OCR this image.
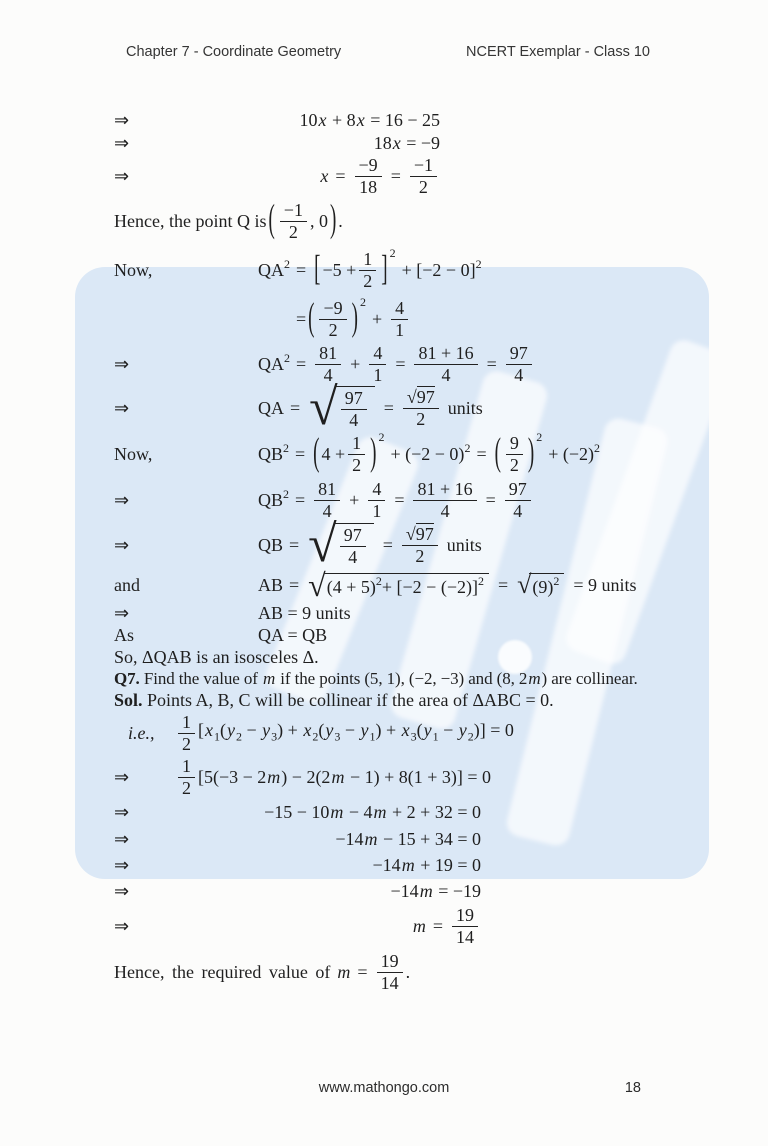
Chapter 7 - Coordinate Geometry	NCERT Exemplar - Class 10
⇒	10x + 8x = 16 − 25
⇒	18x = −9
⇒	$x = \frac{-9}{18} = \frac{-1}{2}$
Hence, the point Q is ( $\frac{-1}{2}$ , 0 ) .
Now,	QA 2 = [ $-5 + \frac{1}{2}$ ] 2
+ [−2 − 0] 2
= ( $\frac{-9}{2}$ ) 2
+ $\frac{4}{1}$
⇒	QA $2 = \frac{81}{4} + \frac{4}{1} = \frac{81 + 16}{4} = \frac{97}{4}$
⇒	QA = √ $\frac{97}{4} = \frac{√97}{2}$ units
Now,	QB 2 = ( $4 + \frac{1}{2}$ ) 2
+ (−2 − 0) 2 = ( $\frac{9}{2}$ ) 2
+ (−2) 2
⇒	QB $2 = \frac{81}{4} + \frac{4}{1} = \frac{81 + 16}{4} = \frac{97}{4}$
⇒	QB = √ $\frac{97}{4} = \frac{√97}{2}$ units
and	AB = √ (4 + 5) 2 + [−2 − (−2)] 2 = √ (9) 2 = 9 units
⇒	AB = 9 units
As	QA = QB
So, ΔQAB is an isosceles Δ.
Q7.
Find the value of m if the points (5, 1), (−2, −3) and (8, 2m) are collinear.
Sol.
Points A, B, C will be collinear if the area of ΔABC = 0.
i.e.,	$\frac{1}{2} [x_1(y_2 - y_3) + x_2(y_3 - y_1) + x_3(y_1 - y_2)] = 0$
⇒	$\frac{1}{2} [5(-3 - 2m) - 2(2m - 1) + 8(1 + 3)] = 0$
⇒	−15 − 10m − 4m + 2 + 32 = 0
⇒	−14m − 15 + 34 = 0
⇒	−14m + 19 = 0
⇒	−14m = −19
⇒	$m = \frac{19}{14}$
Hence, the required value of $m = \frac{19}{14}$ .
www.mathongo.com	18
